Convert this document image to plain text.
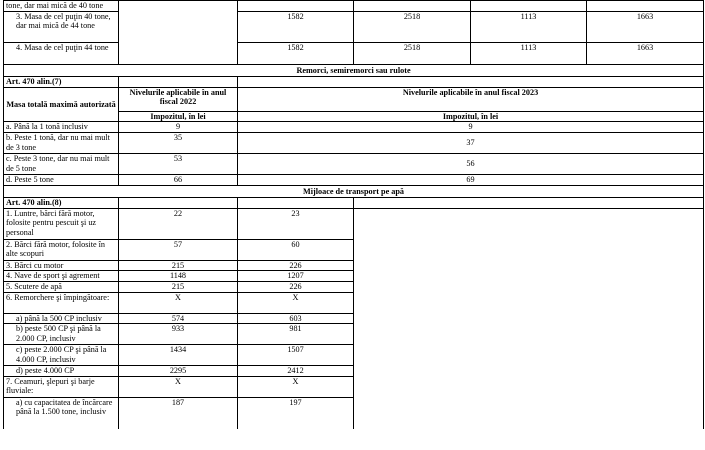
tone, dar mai mică de 40 tone					
3. Masa de cel puţin 40 tone, dar mai mică de 44 tone		1582	2518	1113	1663
4. Masa de cel puţin 44 tone		1582	2518	1113	1663
Remorci, semiremorci sau rulote		
Art. 470 alin.(7)		
Masa totală maximă autorizată	Nivelurile aplicabile în anul fiscal 2022	Nivelurile aplicabile în anul fiscal 2023
	Impozitul, în lei	Impozitul, în lei
a. Până la 1 tonă inclusiv	9	9
b. Peste 1 tonă, dar nu mai mult de 3 tone	35	37
c. Peste 3 tone, dar nu mai mult de 5 tone	53	56
d. Peste 5 tone	66	69
Mijloace de transport pe apă			
Art. 470 alin.(8)			
1. Luntre, bărci fără motor, folosite pentru pescuit şi uz personal	22	23	
2. Bărci fără motor, folosite în alte scopuri	57	60	
3. Bărci cu motor	215	226	
4. Nave de sport şi agrement	1148	1207	
5. Scutere de apă	215	226	
6. Remorchere şi împingătoare:	X	X	
a) până la 500 CP inclusiv	574	603	
b) peste 500 CP şi până la 2.000 CP, inclusiv	933	981	
c) peste 2.000 CP şi până la 4.000 CP, inclusiv	1434	1507	
d) peste 4.000 CP	2295	2412	
7. Ceamuri, şlepuri şi barje fluviale:	X	X	
a) cu capacitatea de încărcare până la 1.500 tone, inclusiv	187	197	
